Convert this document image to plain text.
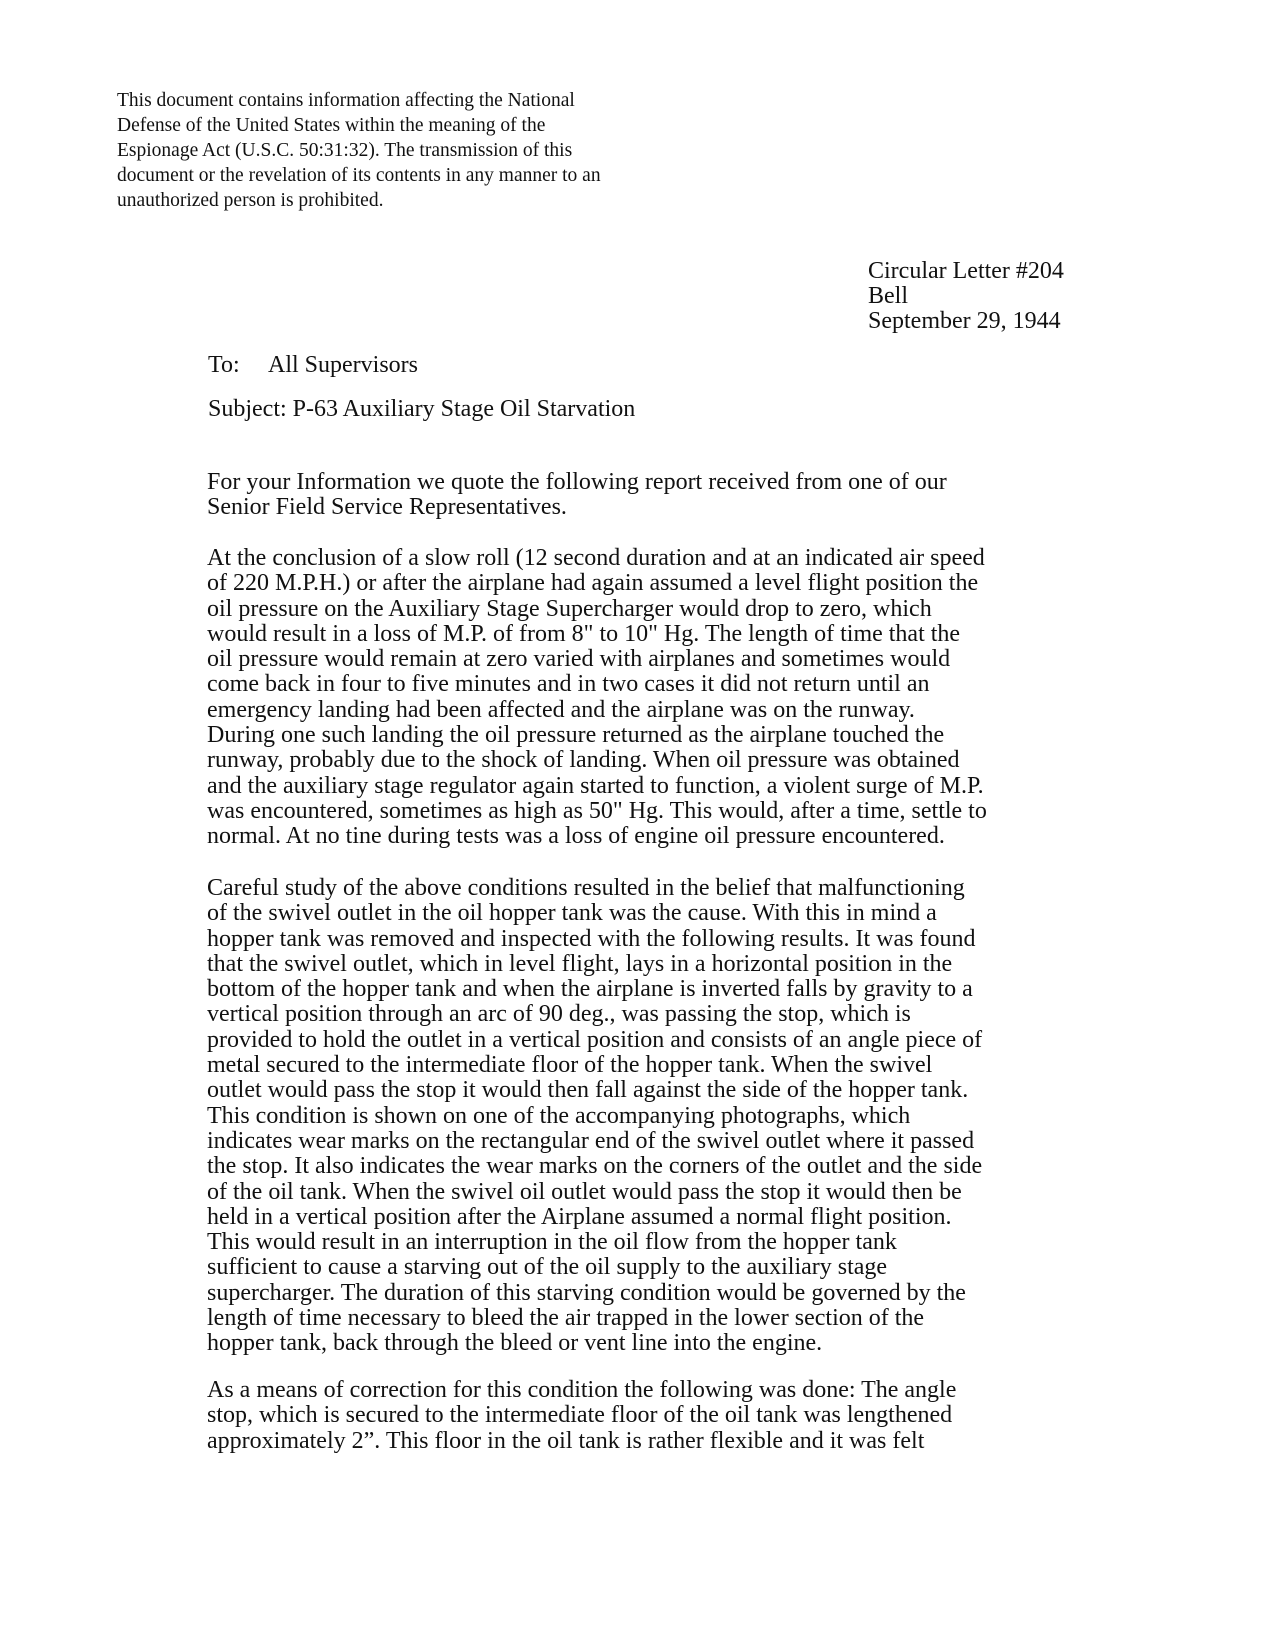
This document contains information affecting the National
Defense of the United States within the meaning of the
Espionage Act (U.S.C. 50:31:32). The transmission of this
document or the revelation of its contents in any manner to an
unauthorized person is prohibited.
Circular Letter #204
Bell
September 29, 1944
To: All Supervisors
Subject: P-63 Auxiliary Stage Oil Starvation
For your Information we quote the following report received from one of our
Senior Field Service Representatives.
At the conclusion of a slow roll (12 second duration and at an indicated air speed
of 220 M.P.H.) or after the airplane had again assumed a level flight position the
oil pressure on the Auxiliary Stage Supercharger would drop to zero, which
would result in a loss of M.P. of from 8" to 10" Hg. The length of time that the
oil pressure would remain at zero varied with airplanes and sometimes would
come back in four to five minutes and in two cases it did not return until an
emergency landing had been affected and the airplane was on the runway.
During one such landing the oil pressure returned as the airplane touched the
runway, probably due to the shock of landing. When oil pressure was obtained
and the auxiliary stage regulator again started to function, a violent surge of M.P.
was encountered, sometimes as high as 50" Hg. This would, after a time, settle to
normal. At no tine during tests was a loss of engine oil pressure encountered.
Careful study of the above conditions resulted in the belief that malfunctioning
of the swivel outlet in the oil hopper tank was the cause. With this in mind a
hopper tank was removed and inspected with the following results. It was found
that the swivel outlet, which in level flight, lays in a horizontal position in the
bottom of the hopper tank and when the airplane is inverted falls by gravity to a
vertical position through an arc of 90 deg., was passing the stop, which is
provided to hold the outlet in a vertical position and consists of an angle piece of
metal secured to the intermediate floor of the hopper tank. When the swivel
outlet would pass the stop it would then fall against the side of the hopper tank.
This condition is shown on one of the accompanying photographs, which
indicates wear marks on the rectangular end of the swivel outlet where it passed
the stop. It also indicates the wear marks on the corners of the outlet and the side
of the oil tank. When the swivel oil outlet would pass the stop it would then be
held in a vertical position after the Airplane assumed a normal flight position.
This would result in an interruption in the oil flow from the hopper tank
sufficient to cause a starving out of the oil supply to the auxiliary stage
supercharger. The duration of this starving condition would be governed by the
length of time necessary to bleed the air trapped in the lower section of the
hopper tank, back through the bleed or vent line into the engine.
As a means of correction for this condition the following was done: The angle
stop, which is secured to the intermediate floor of the oil tank was lengthened
approximately 2”. This floor in the oil tank is rather flexible and it was felt
